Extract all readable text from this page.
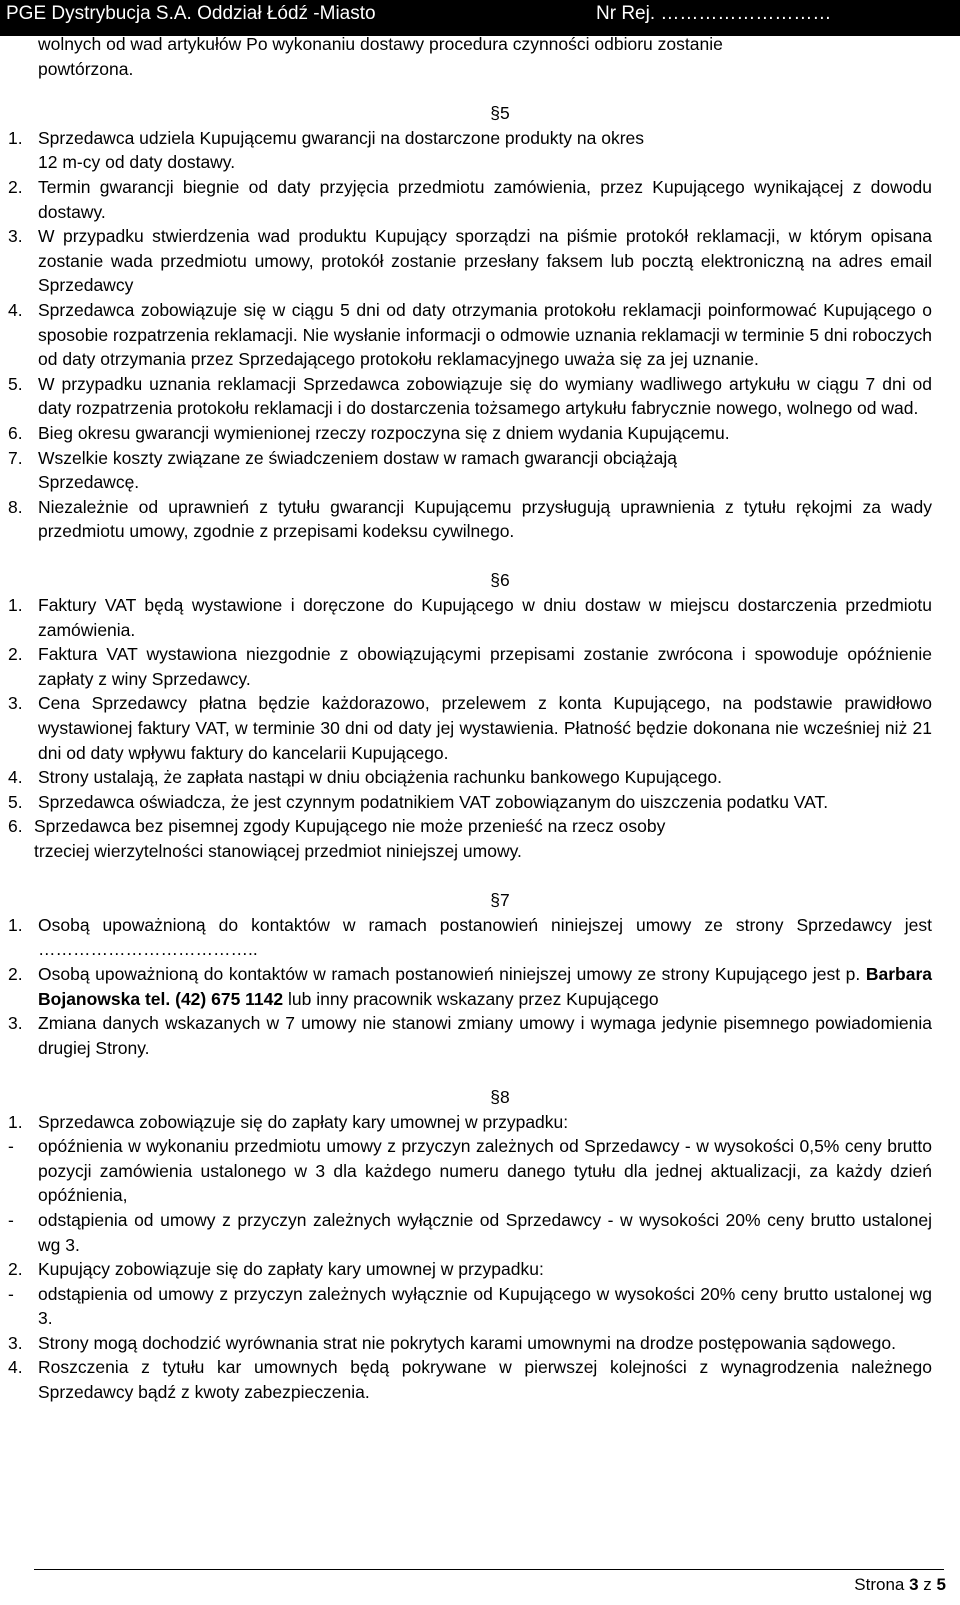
PGE Dystrybucja S.A. Oddział Łódź -Miasto	Nr Rej. ………………………

wolnych od wad artykułów Po wykonaniu dostawy procedura czynności odbioru zostanie

powtórzona.

§5

1. Sprzedawca udziela Kupującemu gwarancji na dostarczone produkty na okres
12 m-cy od daty dostawy.
2. Termin gwarancji biegnie od daty przyjęcia przedmiotu zamówienia, przez Kupującego wynikającej z dowodu dostawy.
3. W przypadku stwierdzenia wad produktu Kupujący sporządzi na piśmie protokół reklamacji, w którym opisana zostanie wada przedmiotu umowy, protokół zostanie przesłany faksem lub pocztą elektroniczną na adres email Sprzedawcy
4. Sprzedawca zobowiązuje się w ciągu 5 dni od daty otrzymania protokołu reklamacji poinformować Kupującego o sposobie rozpatrzenia reklamacji. Nie wysłanie informacji o odmowie uznania reklamacji w terminie 5 dni roboczych od daty otrzymania przez Sprzedającego protokołu reklamacyjnego uważa się za jej uznanie.
5. W przypadku uznania reklamacji Sprzedawca zobowiązuje się do wymiany wadliwego artykułu w ciągu 7 dni od daty rozpatrzenia protokołu reklamacji i do dostarczenia tożsamego artykułu fabrycznie nowego, wolnego od wad.
6. Bieg okresu gwarancji wymienionej rzeczy rozpoczyna się z dniem wydania Kupującemu.
7. Wszelkie koszty związane ze świadczeniem dostaw w ramach gwarancji obciążają
Sprzedawcę.
8. Niezależnie od uprawnień z tytułu gwarancji Kupującemu przysługują uprawnienia z tytułu rękojmi za wady przedmiotu umowy, zgodnie z przepisami kodeksu cywilnego.

§6

1. Faktury VAT będą wystawione i doręczone do Kupującego w dniu dostaw w miejscu dostarczenia przedmiotu zamówienia.
2. Faktura VAT wystawiona niezgodnie z obowiązującymi przepisami zostanie zwrócona i spowoduje opóźnienie zapłaty z winy Sprzedawcy.
3. Cena Sprzedawcy płatna będzie każdorazowo, przelewem z konta Kupującego, na podstawie prawidłowo wystawionej faktury VAT, w terminie 30 dni od daty jej wystawienia. Płatność będzie dokonana nie wcześniej niż 21 dni od daty wpływu faktury do kancelarii Kupującego.
4. Strony ustalają, że zapłata nastąpi w dniu obciążenia rachunku bankowego Kupującego.
5. Sprzedawca oświadcza, że jest czynnym podatnikiem VAT zobowiązanym do uiszczenia podatku VAT.
6. Sprzedawca bez pisemnej zgody Kupującego nie może przenieść na rzecz osoby
trzeciej wierzytelności stanowiącej przedmiot niniejszej umowy.

§7

1. Osobą upoważnioną do kontaktów w ramach postanowień niniejszej umowy ze strony Sprzedawcy jest ………………………………..
2. Osobą upoważnioną do kontaktów w ramach postanowień niniejszej umowy ze strony Kupującego jest p. Barbara Bojanowska tel. (42) 675 1142 lub inny pracownik wskazany przez Kupującego
3. Zmiana danych wskazanych w 7 umowy nie stanowi zmiany umowy i wymaga jedynie pisemnego powiadomienia drugiej Strony.

§8

1. Sprzedawca zobowiązuje się do zapłaty kary umownej w przypadku:
-	opóźnienia w wykonaniu przedmiotu umowy z przyczyn zależnych od Sprzedawcy - w wysokości 0,5% ceny brutto pozycji zamówienia ustalonego w 3 dla każdego numeru danego tytułu dla jednej aktualizacji, za każdy dzień opóźnienia,
-	odstąpienia od umowy z przyczyn zależnych wyłącznie od Sprzedawcy - w wysokości 20% ceny brutto ustalonej wg 3.
2. Kupujący zobowiązuje się do zapłaty kary umownej w przypadku:
-	odstąpienia od umowy z przyczyn zależnych wyłącznie od Kupującego w wysokości 20% ceny brutto ustalonej wg 3.
3. Strony mogą dochodzić wyrównania strat nie pokrytych karami umownymi na drodze postępowania sądowego.
4. Roszczenia z tytułu kar umownych będą pokrywane w pierwszej kolejności z wynagrodzenia należnego Sprzedawcy bądź z kwoty zabezpieczenia.
Strona 3 z 5
